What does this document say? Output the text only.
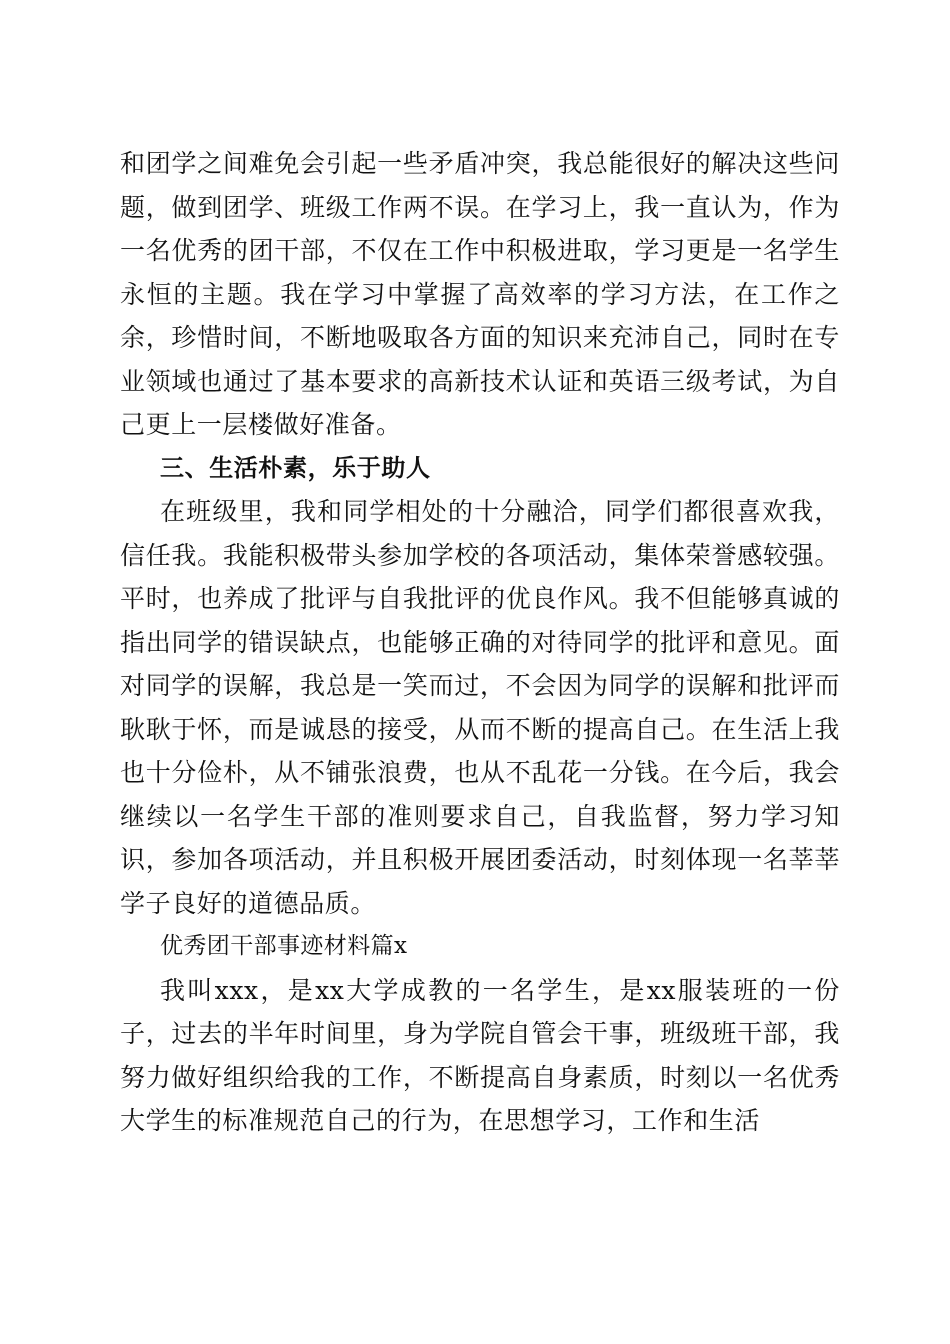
和团学之间难免会引起一些矛盾冲突，我总能很好的解决这些问题，做到团学、班级工作两不误。在学习上，我一直认为，作为一名优秀的团干部，不仅在工作中积极进取，学习更是一名学生永恒的主题。我在学习中掌握了高效率的学习方法，在工作之余，珍惜时间，不断地吸取各方面的知识来充沛自己，同时在专业领域也通过了基本要求的高新技术认证和英语三级考试，为自己更上一层楼做好准备。

三、生活朴素，乐于助人

在班级里，我和同学相处的十分融洽，同学们都很喜欢我，信任我。我能积极带头参加学校的各项活动，集体荣誉感较强。平时，也养成了批评与自我批评的优良作风。我不但能够真诚的指出同学的错误缺点，也能够正确的对待同学的批评和意见。面对同学的误解，我总是一笑而过，不会因为同学的误解和批评而耿耿于怀，而是诚恳的接受，从而不断的提高自己。在生活上我也十分俭朴，从不铺张浪费，也从不乱花一分钱。在今后，我会继续以一名学生干部的准则要求自己，自我监督，努力学习知识，参加各项活动，并且积极开展团委活动，时刻体现一名莘莘学子良好的道德品质。

优秀团干部事迹材料篇x

我叫xxx，是xx大学成教的一名学生，是xx服装班的一份子，过去的半年时间里，身为学院自管会干事，班级班干部，我努力做好组织给我的工作，不断提高自身素质，时刻以一名优秀大学生的标准规范自己的行为，在思想学习，工作和生活
